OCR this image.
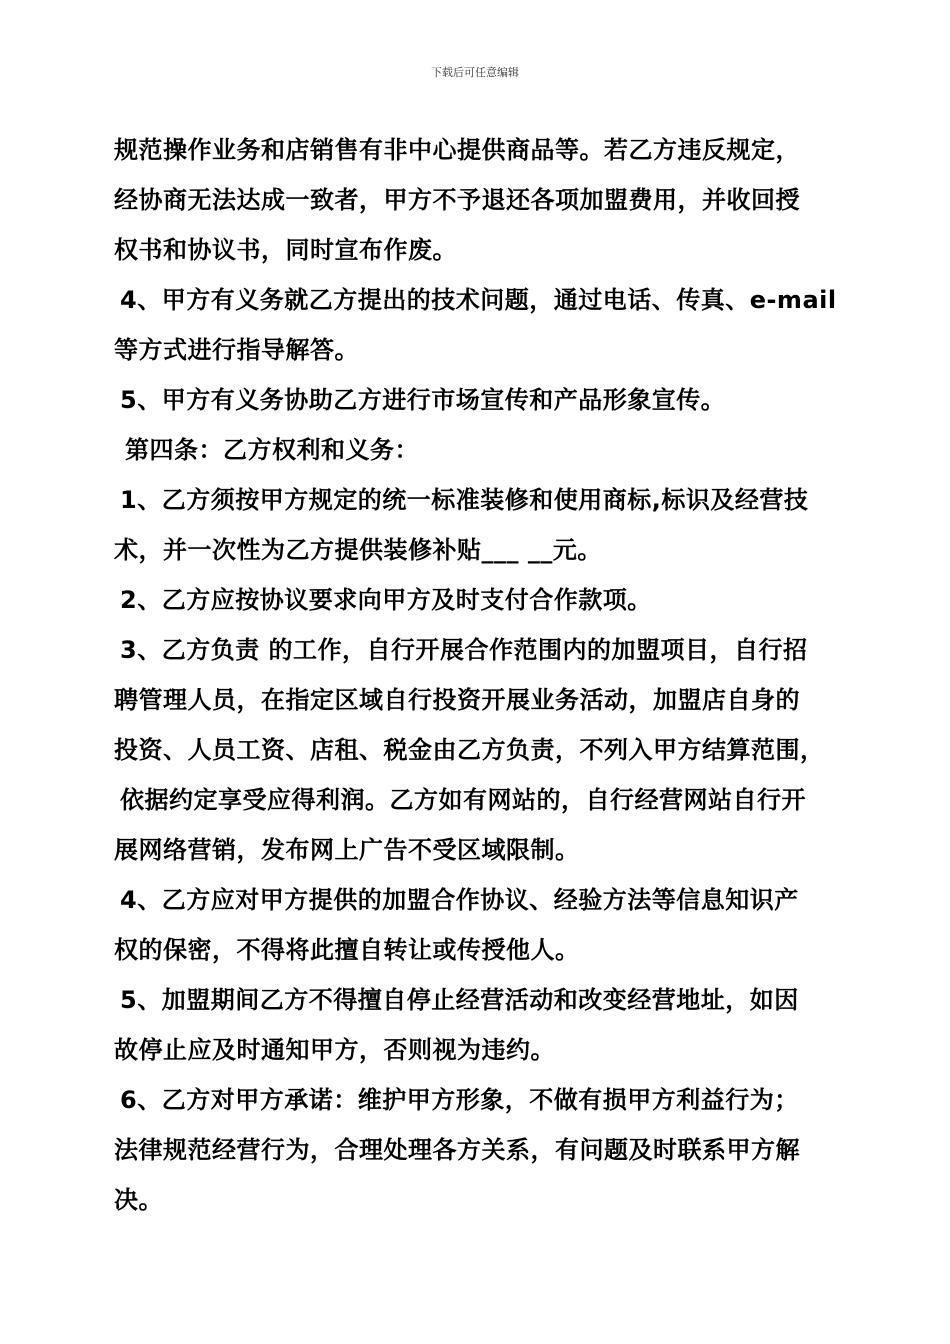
下载后可任意编辑
规范操作业务和店销售有非中心提供商品等。若乙方违反规定，
经协商无法达成一致者，甲方不予退还各项加盟费用，并收回授
权书和协议书，同时宣布作废。
4、甲方有义务就乙方提出的技术问题，通过电话、传真、e-mail
等方式进行指导解答。
5、甲方有义务协助乙方进行市场宣传和产品形象宣传。
第四条：乙方权利和义务：
1、乙方须按甲方规定的统一标准装修和使用商标,标识及经营技
术，并一次性为乙方提供装修补贴___ __元。
2、乙方应按协议要求向甲方及时支付合作款项。
3、乙方负责 的工作，自行开展合作范围内的加盟项目，自行招
聘管理人员，在指定区域自行投资开展业务活动，加盟店自身的
投资、人员工资、店租、税金由乙方负责，不列入甲方结算范围，
依据约定享受应得利润。乙方如有网站的，自行经营网站自行开
展网络营销，发布网上广告不受区域限制。
4、乙方应对甲方提供的加盟合作协议、经验方法等信息知识产
权的保密，不得将此擅自转让或传授他人。
5、加盟期间乙方不得擅自停止经营活动和改变经营地址，如因
故停止应及时通知甲方，否则视为违约。
6、乙方对甲方承诺：维护甲方形象，不做有损甲方利益行为；
法律规范经营行为，合理处理各方关系，有问题及时联系甲方解
决。
